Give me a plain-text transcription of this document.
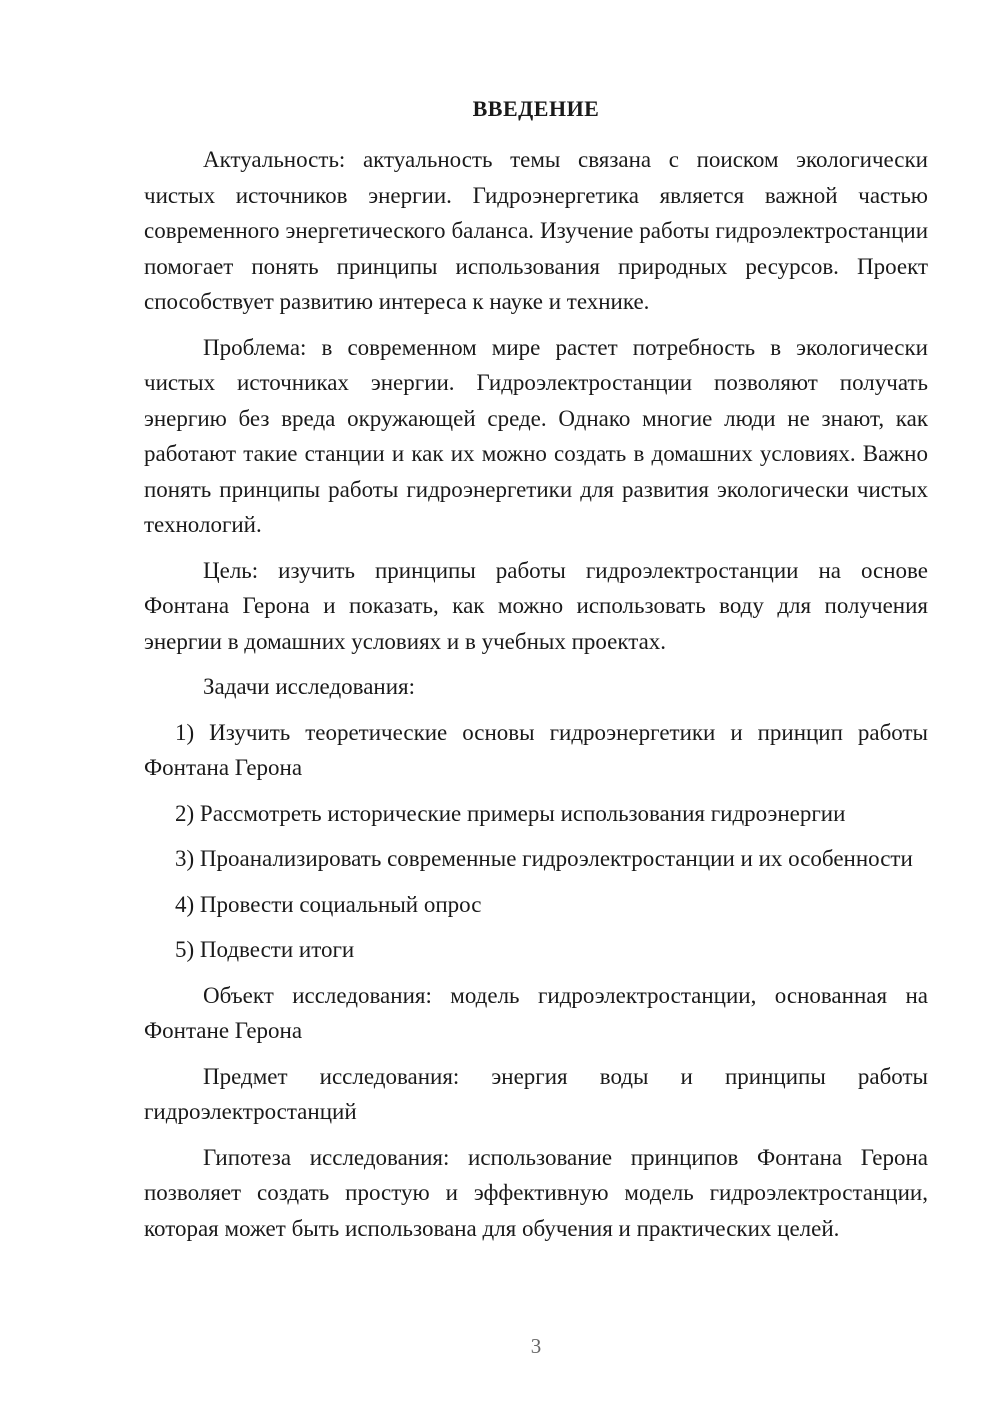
ВВЕДЕНИЕ

Актуальность: актуальность темы связана с поиском экологически чистых источников энергии. Гидроэнергетика является важной частью современного энергетического баланса. Изучение работы гидроэлектростанции помогает понять принципы использования природных ресурсов. Проект способствует развитию интереса к науке и технике.

Проблема: в современном мире растет потребность в экологически чистых источниках энергии. Гидроэлектростанции позволяют получать энергию без вреда окружающей среде. Однако многие люди не знают, как работают такие станции и как их можно создать в домашних условиях. Важно понять принципы работы гидроэнергетики для развития экологически чистых технологий.

Цель: изучить принципы работы гидроэлектростанции на основе Фонтана Герона и показать, как можно использовать воду для получения энергии в домашних условиях и в учебных проектах.

Задачи исследования:

1) Изучить теоретические основы гидроэнергетики и принцип работы Фонтана Герона

2) Рассмотреть исторические примеры использования гидроэнергии

3) Проанализировать современные гидроэлектростанции и их особенности

4) Провести социальный опрос

5) Подвести итоги

Объект исследования: модель гидроэлектростанции, основанная на Фонтане Герона

Предмет исследования: энергия воды и принципы работы гидроэлектростанций

Гипотеза исследования: использование принципов Фонтана Герона позволяет создать простую и эффективную модель гидроэлектростанции, которая может быть использована для обучения и практических целей.

3
